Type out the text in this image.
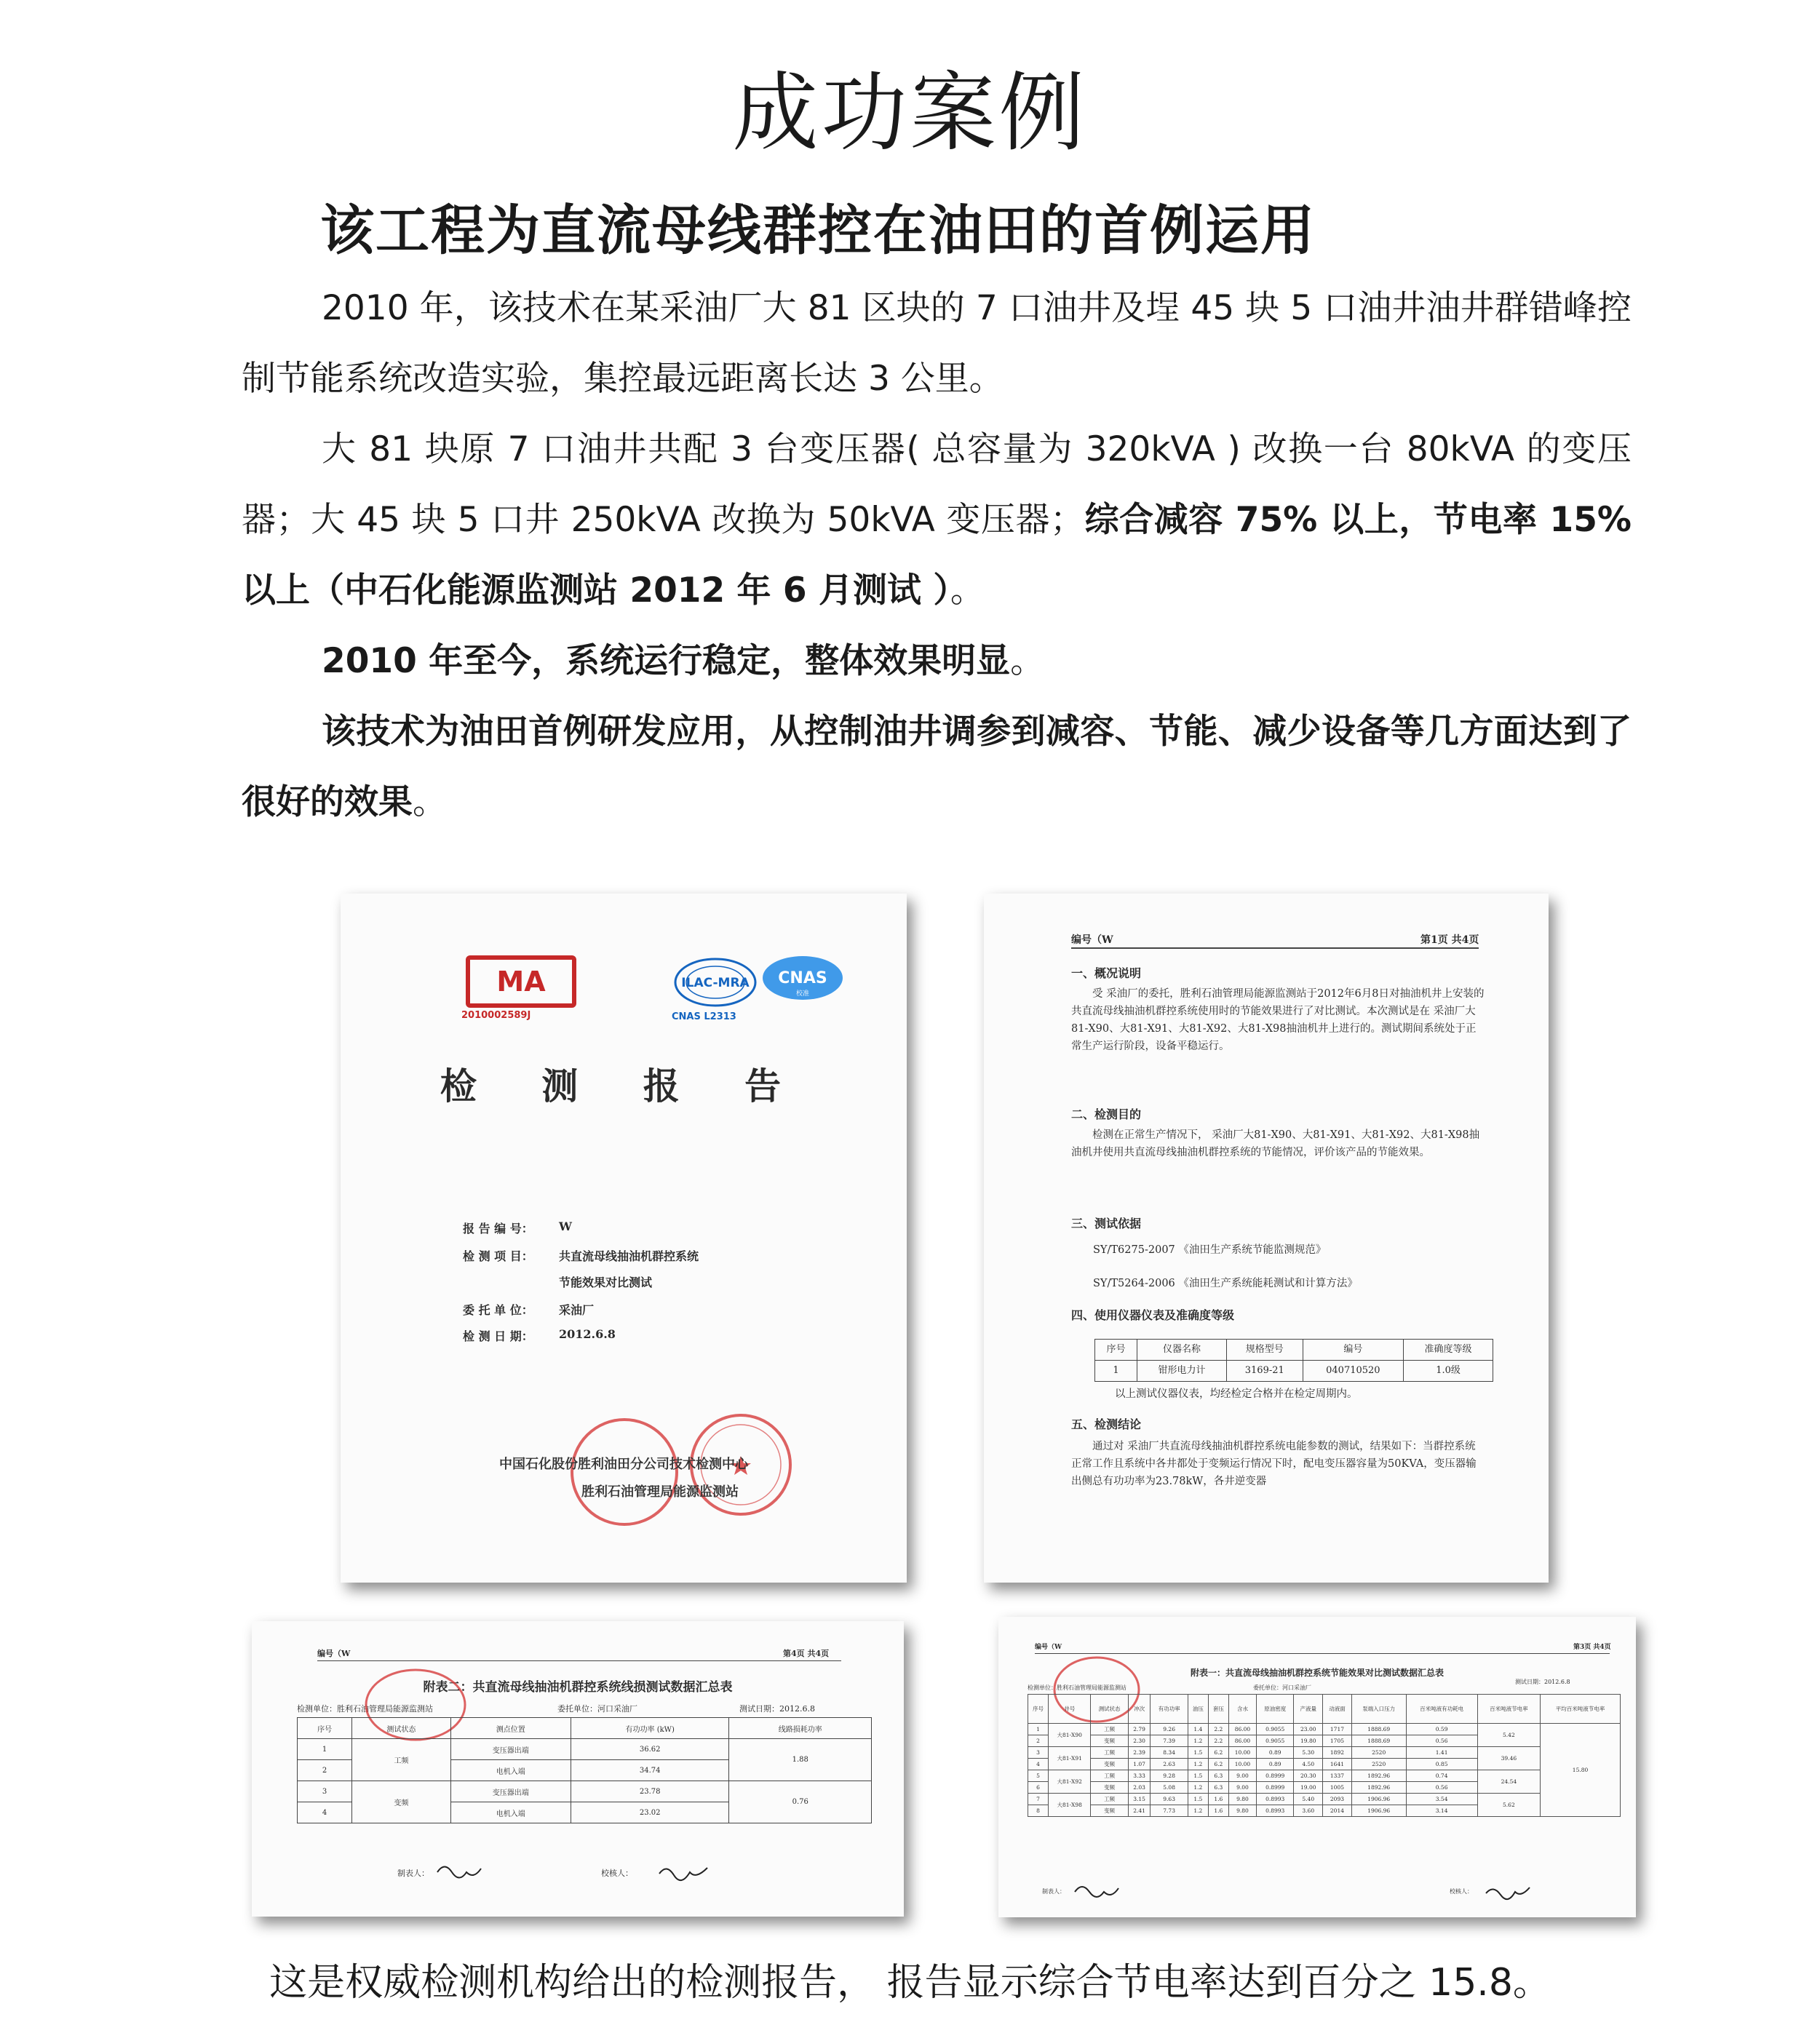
成功案例
该工程为直流母线群控在油田的首例运用

2010 年，该技术在某采油厂大 81 区块的 7 口油井及埕 45 块 5 口油井油井群错峰控制节能系统改造实验，集控最远距离长达 3 公里。

大 81 块原 7 口油井共配 3 台变压器( 总容量为 320kVA ) 改换一台 80kVA 的变压器；大 45 块 5 口井 250kVA 改换为 50kVA 变压器；综合减容 75% 以上，节电率 15% 以上（中石化能源监测站 2012 年 6 月测试 ）。

2010 年至今，系统运行稳定，整体效果明显。

该技术为油田首例研发应用，从控制油井调参到减容、节能、减少设备等几方面达到了很好的效果。

MA
2010002589J
ILAC-MRA CNAS
校准
CNAS L2313
检 测 报 告
报 告 编 号： W
检 测 项 目： 共直流母线抽油机群控系统
节能效果对比测试
委 托 单 位： 采油厂
检 测 日 期： 2012.6.8
中国石化股份胜利油田分公司技术检测中心
胜利石油管理局能源监测站
编号（W	第1页 共4页
一、概况说明
受 采油厂的委托，胜利石油管理局能源监测站于2012年6月8日对抽油机井上安装的共直流母线抽油机群控系统使用时的节能效果进行了对比测试。本次测试是在 采油厂大81-X90、大81-X91、大81-X92、大81-X98抽油机井上进行的。测试期间系统处于正常生产运行阶段，设备平稳运行。
二、检测目的
检测在正常生产情况下， 采油厂大81-X90、大81-X91、大81-X92、大81-X98抽油机井使用共直流母线抽油机群控系统的节能情况，评价该产品的节能效果。
三、测试依据
SY/T6275-2007 《油田生产系统节能监测规范》
SY/T5264-2006 《油田生产系统能耗测试和计算方法》
四、使用仪器仪表及准确度等级
序号	仪器名称	规格型号	编号	准确度等级
1	钳形电力计	3169-21	040710520	1.0级
以上测试仪器仪表，均经检定合格并在检定周期内。
五、检测结论
通过对 采油厂共直流母线抽油机群控系统电能参数的测试，结果如下：当群控系统正常工作且系统中各井都处于变频运行情况下时，配电变压器容量为50KVA，变压器输出侧总有功功率为23.78kW，各井逆变器
编号（W	第4页 共4页
附表二：共直流母线抽油机群控系统线损测试数据汇总表
检测单位：胜利石油管理局能源监测站	委托单位：河口采油厂	测试日期：2012.6.8
序号	测试状态	测点位置	有功功率 (kW)	线路损耗功率
1	工频	变压器出端	36.62	1.88
2		电机入端	34.74	
3	变频	变压器出端	23.78	0.76
4		电机入端	23.02	
制表人：	校核人：
编号（W	第3页 共4页
附表一：共直流母线抽油机群控系统节能效果对比测试数据汇总表
检测单位：胜利石油管理局能源监测站	委托单位：河口采油厂
测试日期：2012.6.8
序号	井号	测试状态	冲次	有功功率	油压	套压	含水	原油密度	产液量	动液面	泵端入口压力	百米吨液有功耗电	百米吨液节电率	平均百米吨液节电率
1	大81-X90	工频	2.79	9.26	1.4	2.2	86.00	0.9055	23.00	1717	1888.69	0.59	5.42	15.80
2		变频	2.30	7.39	1.2	2.2	86.00	0.9055	19.80	1705	1888.69	0.56		
3	大81-X91	工频	2.39	8.34	1.5	6.2	10.00	0.89	5.30	1892	2520	1.41	39.46	
4		变频	1.07	2.63	1.2	6.2	10.00	0.89	4.50	1641	2520	0.85		
5	大81-X92	工频	3.33	9.28	1.5	6.3	9.00	0.8999	20.30	1337	1892.96	0.74	24.54	
6		变频	2.03	5.08	1.2	6.3	9.00	0.8999	19.00	1005	1892.96	0.56		
7	大81-X98	工频	3.15	9.63	1.5	1.6	9.80	0.8993	5.40	2093	1906.96	3.54	5.62	
8		变频	2.41	7.73	1.2	1.6	9.80	0.8993	3.60	2014	1906.96	3.14		
制表人：	校核人：
这是权威检测机构给出的检测报告， 报告显示综合节电率达到百分之 15.8。
